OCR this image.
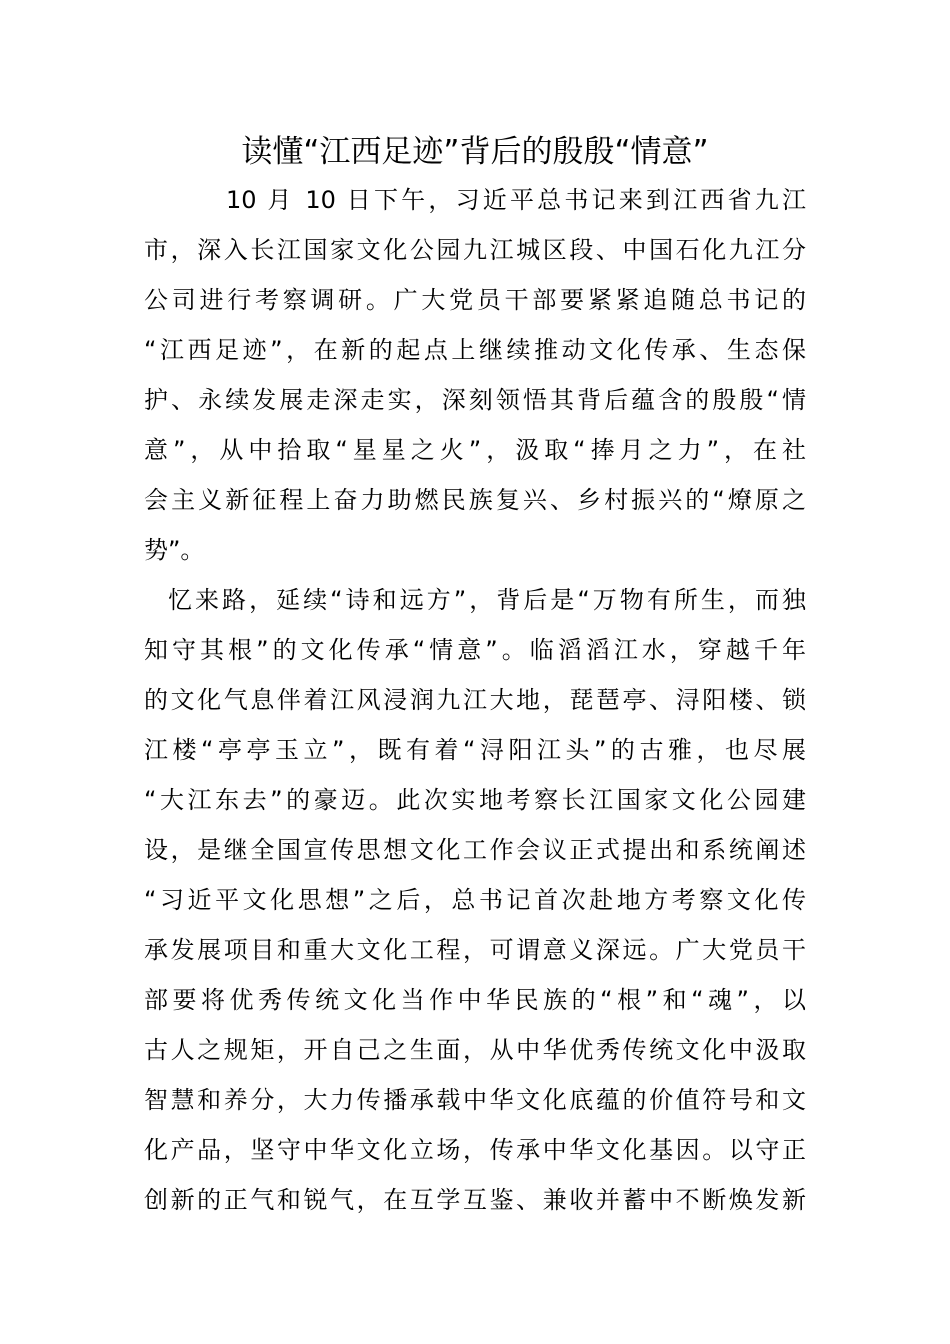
读懂“江西足迹”背后的殷殷“情意”
10 月 10 日下午，习近平总书记来到江西省九江
市，深入长江国家文化公园九江城区段、中国石化九江分
公司进行考察调研。广大党员干部要紧紧追随总书记的
“江西足迹”，在新的起点上继续推动文化传承、生态保
护、永续发展走深走实，深刻领悟其背后蕴含的殷殷“情
意”，从中拾取“星星之火”，汲取“捧月之力”，在社
会主义新征程上奋力助燃民族复兴、乡村振兴的“燎原之
势”。
忆来路，延续“诗和远方”，背后是“万物有所生，而独
知守其根”的文化传承“情意”。临滔滔江水，穿越千年
的文化气息伴着江风浸润九江大地，琵琶亭、浔阳楼、锁
江楼“亭亭玉立”，既有着“浔阳江头”的古雅，也尽展
“大江东去”的豪迈。此次实地考察长江国家文化公园建
设，是继全国宣传思想文化工作会议正式提出和系统阐述
“习近平文化思想”之后，总书记首次赴地方考察文化传
承发展项目和重大文化工程，可谓意义深远。广大党员干
部要将优秀传统文化当作中华民族的“根”和“魂”，以
古人之规矩，开自己之生面，从中华优秀传统文化中汲取
智慧和养分，大力传播承载中华文化底蕴的价值符号和文
化产品，坚守中华文化立场，传承中华文化基因。以守正
创新的正气和锐气，在互学互鉴、兼收并蓄中不断焕发新
